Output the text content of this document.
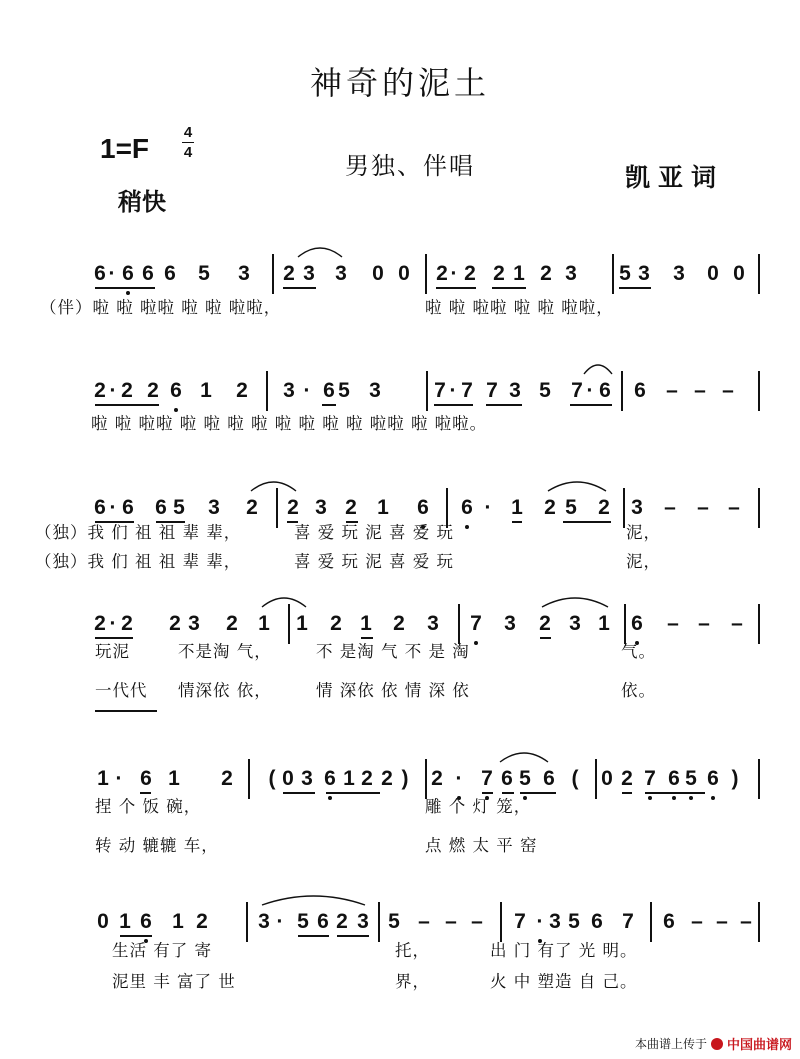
神奇的泥土
1=F
4
4
稍快
男独、伴唱	凯亚词
6 · 6 6 6 5 3 2 3 3 0 0 2 · 2 2 1 2 3 5 3 3 0 0
（伴）啦 啦 啦啦 啦 啦 啦啦，	啦 啦 啦啦 啦 啦 啦啦，
2 · 2 2 6 1 2 3 · 6 5 3	7 · 7 7 3 5 7 · 6 6 – – –
啦 啦 啦啦 啦 啦 啦 啦 啦 啦 啦 啦 啦啦 啦 啦啦。
6 · 6 6 5 3 2 2 3 2 1 6 6 · 1 2 5 2 3 – – –
（独）我 们 祖 祖 辈 辈，	喜 爱 玩 泥 喜 爱 玩	泥，
（独）我 们 祖 祖 辈 辈，	喜 爱 玩 泥 喜 爱 玩	泥，
2 · 2 2 3 2 1 1 2 1 2 3 7 3 2 3 1 6 – – –
玩泥	不是淘 气，	不 是淘 气 不 是 淘	气。
一代代 情深依 依，	情 深依 依 情 深 依	依。
1 · 6 1 2 ( 0 3 6 1 2 2 ) 2 · 7 6 5 6 ( 0 2 7 6 5 6 )
捏 个 饭 碗，	雕 个 灯 笼，
转 动 辘辘 车，	点 燃 太 平 窑
0 1 6 1 2 3 · 5 6 2 3 5 – – – 7 · 3 5 6 7 6 – – –
生活 有了 寄	托，	出 门 有了 光 明。
泥里 丰 富了 世	界，	火 中 塑造 自 己。
本曲谱上传于 中国曲谱网
